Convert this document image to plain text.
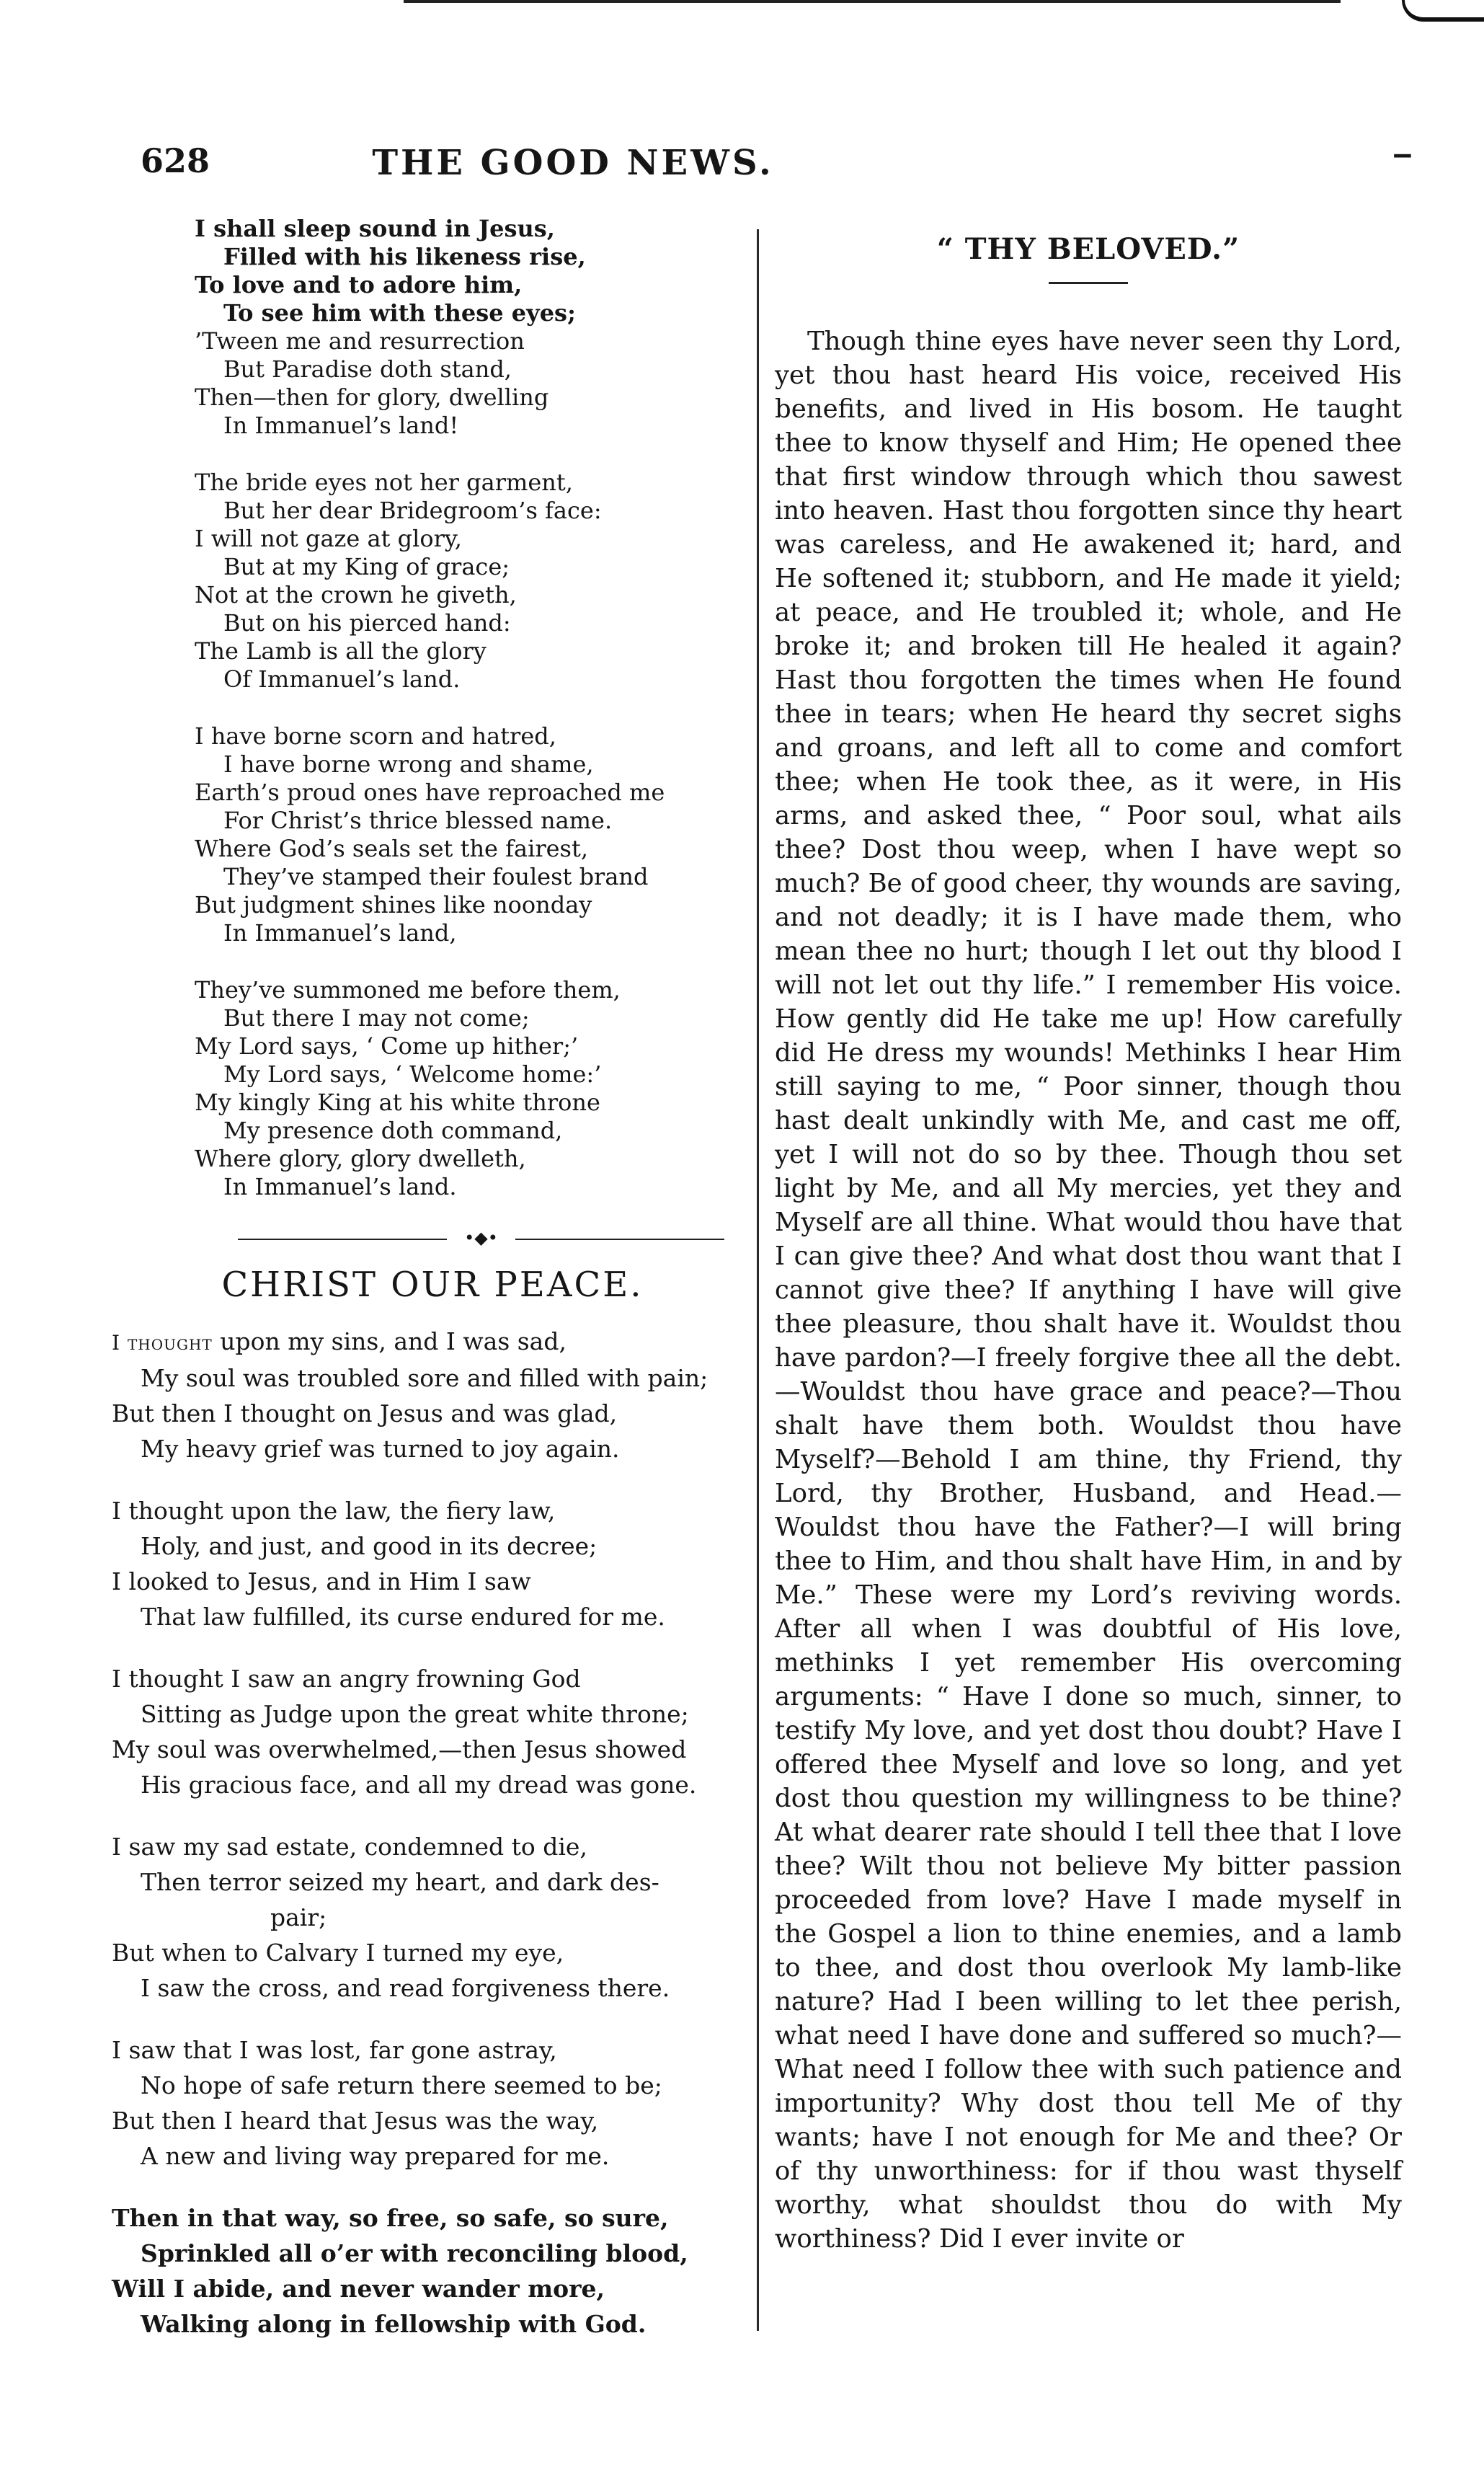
628	THE GOOD NEWS.	‒
I shall sleep sound in Jesus,
Filled with his likeness rise,
To love and to adore him,
To see him with these eyes;
’Tween me and resurrection
But Paradise doth stand,
Then—then for glory, dwelling
In Immanuel’s land!
The bride eyes not her garment,
But her dear Bridegroom’s face:
I will not gaze at glory,
But at my King of grace;
Not at the crown he giveth,
But on his pierced hand:
The Lamb is all the glory
Of Immanuel’s land.
I have borne scorn and hatred,
I have borne wrong and shame,
Earth’s proud ones have reproached me
For Christ’s thrice blessed name.
Where God’s seals set the fairest,
They’ve stamped their foulest brand
But judgment shines like noonday
In Immanuel’s land,
They’ve summoned me before them,
But there I may not come;
My Lord says, ‘ Come up hither;’
My Lord says, ‘ Welcome home:’
My kingly King at his white throne
My presence doth command,
Where glory, glory dwelleth,
In Immanuel’s land.
•◆•
CHRIST OUR PEACE.
I thought upon my sins, and I was sad,
My soul was troubled sore and filled with pain;
But then I thought on Jesus and was glad,
My heavy grief was turned to joy again.
I thought upon the law, the fiery law,
Holy, and just, and good in its decree;
I looked to Jesus, and in Him I saw
That law fulfilled, its curse endured for me.
I thought I saw an angry frowning God
Sitting as Judge upon the great white throne;
My soul was overwhelmed,—then Jesus showed
His gracious face, and all my dread was gone.
I saw my sad estate, condemned to die,
Then terror seized my heart, and dark des-
pair;
But when to Calvary I turned my eye,
I saw the cross, and read forgiveness there.
I saw that I was lost, far gone astray,
No hope of safe return there seemed to be;
But then I heard that Jesus was the way,
A new and living way prepared for me.
Then in that way, so free, so safe, so sure,
Sprinkled all o’er with reconciling blood,
Will I abide, and never wander more,
Walking along in fellowship with God.
“ THY BELOVED.”

Though thine eyes have never seen thy Lord, yet thou hast heard His voice, received His benefits, and lived in His bosom. He taught thee to know thyself and Him; He opened thee that first window through which thou sawest into heaven. Hast thou forgotten since thy heart was careless, and He awakened it; hard, and He softened it; stubborn, and He made it yield; at peace, and He troubled it; whole, and He broke it; and broken till He healed it again? Hast thou forgotten the times when He found thee in tears; when He heard thy secret sighs and groans, and left all to come and comfort thee; when He took thee, as it were, in His arms, and asked thee, “ Poor soul, what ails thee? Dost thou weep, when I have wept so much? Be of good cheer, thy wounds are saving, and not deadly; it is I have made them, who mean thee no hurt; though I let out thy blood I will not let out thy life.” I remember His voice. How gently did He take me up! How carefully did He dress my wounds! Methinks I hear Him still saying to me, “ Poor sinner, though thou hast dealt unkindly with Me, and cast me off, yet I will not do so by thee. Though thou set light by Me, and all My mercies, yet they and Myself are all thine. What would thou have that I can give thee? And what dost thou want that I cannot give thee? If anything I have will give thee pleasure, thou shalt have it. Wouldst thou have pardon?—I freely forgive thee all the debt.—Wouldst thou have grace and peace?—Thou shalt have them both. Wouldst thou have Myself?—Behold I am thine, thy Friend, thy Lord, thy Brother, Husband, and Head.—Wouldst thou have the Father?—I will bring thee to Him, and thou shalt have Him, in and by Me.” These were my Lord’s reviving words. After all when I was doubtful of His love, methinks I yet remember His overcoming arguments: “ Have I done so much, sinner, to testify My love, and yet dost thou doubt? Have I offered thee Myself and love so long, and yet dost thou question my willingness to be thine? At what dearer rate should I tell thee that I love thee? Wilt thou not believe My bitter passion proceeded from love? Have I made myself in the Gospel a lion to thine enemies, and a lamb to thee, and dost thou overlook My lamb-like nature? Had I been willing to let thee perish, what need I have done and suffered so much?—What need I follow thee with such patience and importunity? Why dost thou tell Me of thy wants; have I not enough for Me and thee? Or of thy unworthiness: for if thou wast thyself worthy, what shouldst thou do with My worthiness? Did I ever invite or
